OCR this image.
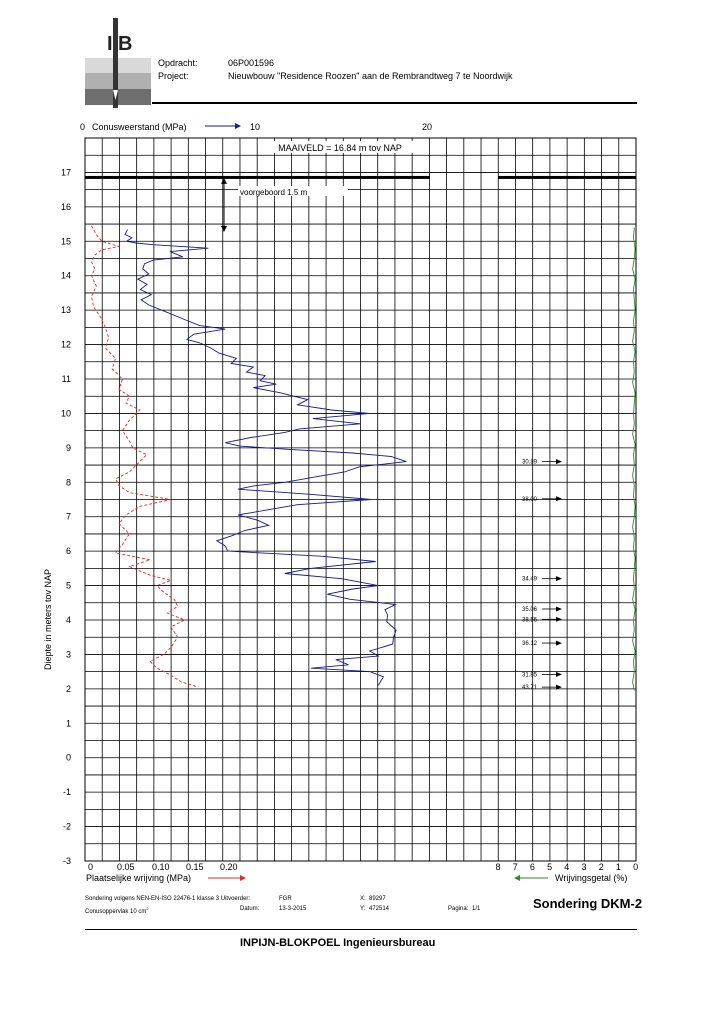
I B
Opdracht:	06P001596
Project:	Nieuwbouw "Residence Roozen" aan de Rembrandtweg 7 te Noordwijk
MAAIVELD = 16.84 m tov NAP
voorgeboord 1.5 m
0 Conusweerstand (MPa)	10	20
17
16
15
14
13
12
11
10
9
8
7
6
5
4
3
2
1
0
-1
-2
-3
Diepte in meters tov NAP
0	0.05 0.10 0.15 0.20
Plaatselijke wrijving (MPa)
8 7 6 5 4 3 2 1 0
Wrijvingsgetal (%)
30.89
38.00
34.49
35.06
38.56
36.12
31.85
43.71
Sondering volgens NEN-EN-ISO 22476-1 klasse 3 Uitvoerder:	FGR	X: 89297
Conusoppervlak 10 $cm^2$	Datum:	13-3-2015	Y: 472514	Pagina: 1/1	Sondering DKM-2
INPIJN-BLOKPOEL Ingenieursbureau
